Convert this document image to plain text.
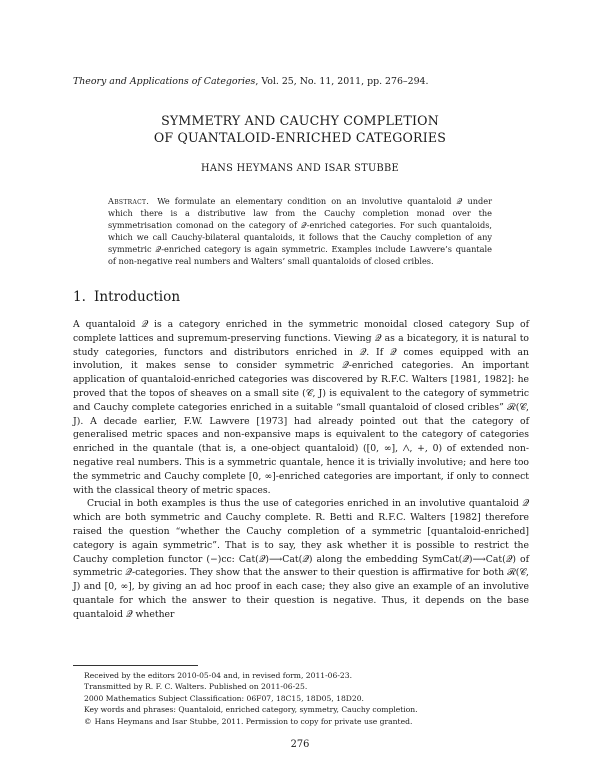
Theory and Applications of Categories, Vol. 25, No. 11, 2011, pp. 276–294.
SYMMETRY AND CAUCHY COMPLETION
OF QUANTALOID-ENRICHED CATEGORIES
HANS HEYMANS AND ISAR STUBBE
Abstract. We formulate an elementary condition on an involutive quantaloid 𝒬 under which there is a distributive law from the Cauchy completion monad over the symmetrisation comonad on the category of 𝒬-enriched categories. For such quantaloids, which we call Cauchy-bilateral quantaloids, it follows that the Cauchy completion of any symmetric 𝒬-enriched category is again symmetric. Examples include Lawvere’s quantale of non-negative real numbers and Walters’ small quantaloids of closed cribles.
1. Introduction

A quantaloid 𝒬 is a category enriched in the symmetric monoidal closed category Sup of complete lattices and supremum-preserving functions. Viewing 𝒬 as a bicategory, it is natural to study categories, functors and distributors enriched in 𝒬. If 𝒬 comes equipped with an involution, it makes sense to consider symmetric 𝒬-enriched categories. An important application of quantaloid-enriched categories was discovered by R.F.C. Walters [1981, 1982]: he proved that the topos of sheaves on a small site (𝒞, J) is equivalent to the category of symmetric and Cauchy complete categories enriched in a suitable “small quantaloid of closed cribles” ℛ(𝒞, J). A decade earlier, F.W. Lawvere [1973] had already pointed out that the category of generalised metric spaces and non-expansive maps is equivalent to the category of categories enriched in the quantale (that is, a one-object quantaloid) ([0, ∞], ⋀, +, 0) of extended non-negative real numbers. This is a symmetric quantale, hence it is trivially involutive; and here too the symmetric and Cauchy complete [0, ∞]-enriched categories are important, if only to connect with the classical theory of metric spaces.

Crucial in both examples is thus the use of categories enriched in an involutive quantaloid 𝒬 which are both symmetric and Cauchy complete. R. Betti and R.F.C. Walters [1982] therefore raised the question “whether the Cauchy completion of a symmetric [quantaloid-enriched] category is again symmetric”. That is to say, they ask whether it is possible to restrict the Cauchy completion functor (−)cc: Cat(𝒬)⟶Cat(𝒬) along the embedding SymCat(𝒬)⟶Cat(𝒬) of symmetric 𝒬-categories. They show that the answer to their question is affirmative for both ℛ(𝒞, J) and [0, ∞], by giving an ad hoc proof in each case; they also give an example of an involutive quantale for which the answer to their question is negative. Thus, it depends on the base quantaloid 𝒬 whether

Received by the editors 2010-05-04 and, in revised form, 2011-06-23.
Transmitted by R. F. C. Walters. Published on 2011-06-25.
2000 Mathematics Subject Classification: 06F07, 18C15, 18D05, 18D20.
Key words and phrases: Quantaloid, enriched category, symmetry, Cauchy completion.
© Hans Heymans and Isar Stubbe, 2011. Permission to copy for private use granted.
276
